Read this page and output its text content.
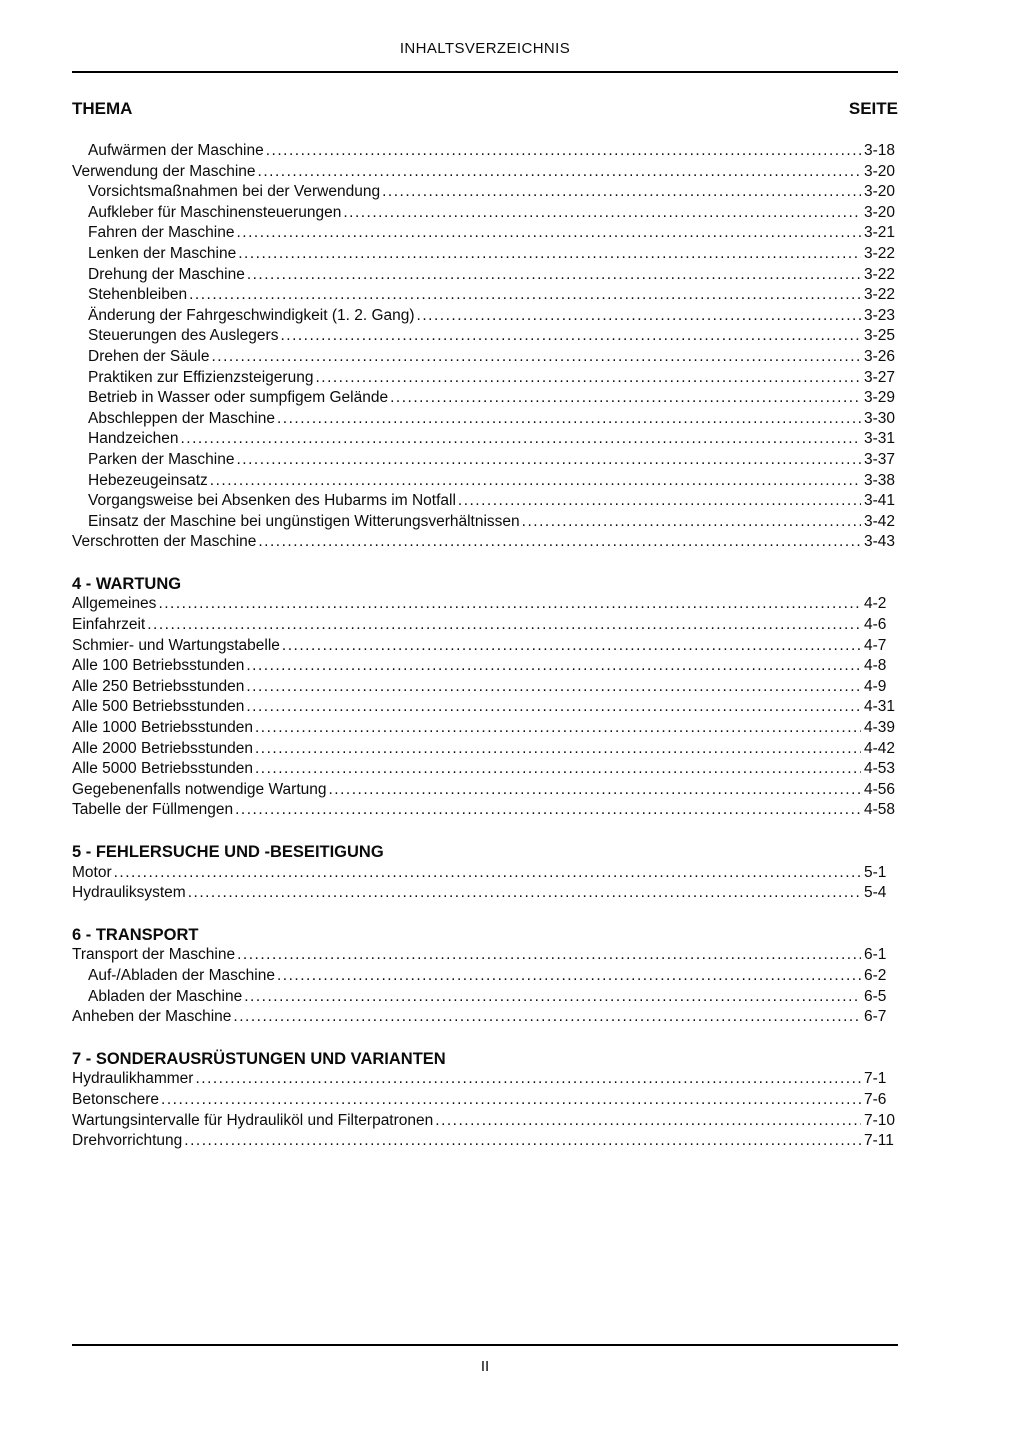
INHALTSVERZEICHNIS
THEMA	SEITE
Aufwärmen der Maschine .....	3-18
Verwendung der Maschine .....	3-20
Vorsichtsmaßnahmen bei der Verwendung .....	3-20
Aufkleber für Maschinensteuerungen .....	3-20
Fahren der Maschine .....	3-21
Lenken der Maschine .....	3-22
Drehung der Maschine .....	3-22
Stehenbleiben .....	3-22
Änderung der Fahrgeschwindigkeit (1. 2. Gang) .....	3-23
Steuerungen des Auslegers .....	3-25
Drehen der Säule .....	3-26
Praktiken zur Effizienzsteigerung .....	3-27
Betrieb in Wasser oder sumpfigem Gelände .....	3-29
Abschleppen der Maschine .....	3-30
Handzeichen .....	3-31
Parken der Maschine .....	3-37
Hebezeugeinsatz .....	3-38
Vorgangsweise bei Absenken des Hubarms im Notfall .....	3-41
Einsatz der Maschine bei ungünstigen Witterungsverhältnissen .....	3-42
Verschrotten der Maschine .....	3-43
4 - WARTUNG
Allgemeines .....	4-2
Einfahrzeit .....	4-6
Schmier- und Wartungstabelle .....	4-7
Alle 100 Betriebsstunden .....	4-8
Alle 250 Betriebsstunden .....	4-9
Alle 500 Betriebsstunden .....	4-31
Alle 1000 Betriebsstunden .....	4-39
Alle 2000 Betriebsstunden .....	4-42
Alle 5000 Betriebsstunden .....	4-53
Gegebenenfalls notwendige Wartung .....	4-56
Tabelle der Füllmengen .....	4-58
5 - FEHLERSUCHE UND -BESEITIGUNG
Motor .....	5-1
Hydrauliksystem .....	5-4
6 - TRANSPORT
Transport der Maschine .....	6-1
Auf-/Abladen der Maschine .....	6-2
Abladen der Maschine .....	6-5
Anheben der Maschine .....	6-7
7 - SONDERAUSRÜSTUNGEN UND VARIANTEN
Hydraulikhammer .....	7-1
Betonschere .....	7-6
Wartungsintervalle für Hydrauliköl und Filterpatronen .....	7-10
Drehvorrichtung .....	7-11
II
